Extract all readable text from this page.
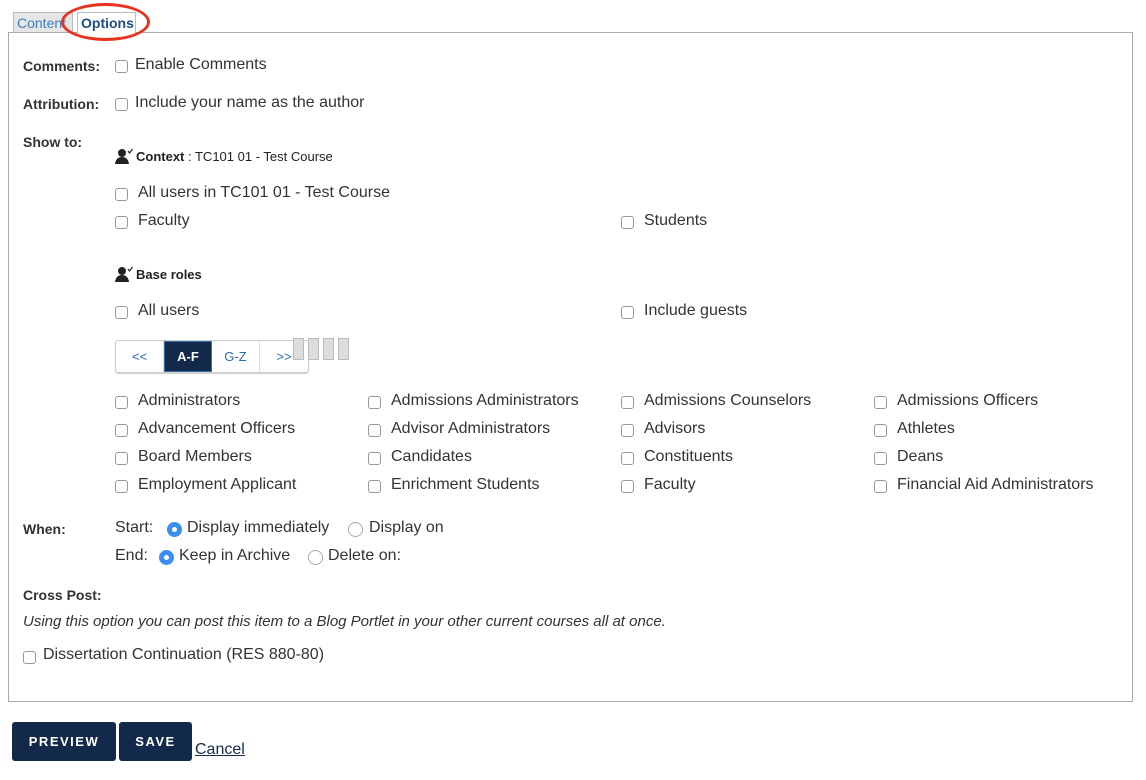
Content	Options
Comments: Enable Comments
Attribution: Include your name as the author
Show to:
Context : TC101 01 - Test Course
All users in TC101 01 - Test Course
Faculty	Students
Base roles
All users	Include guests
<<	A-F	G-Z	>>
Administrators	Admissions Administrators	Admissions Counselors	Admissions Officers
Advancement Officers	Advisor Administrators	Advisors	Athletes
Board Members	Candidates	Constituents	Deans
Employment Applicant	Enrichment Students	Faculty	Financial Aid Administrators
When:	Start: Display immediately Display on
End: Keep in Archive Delete on:
Cross Post:
Using this option you can post this item to a Blog Portlet in your other current courses all at once.
Dissertation Continuation (RES 880-80)
PREVIEW	SAVE	Cancel
